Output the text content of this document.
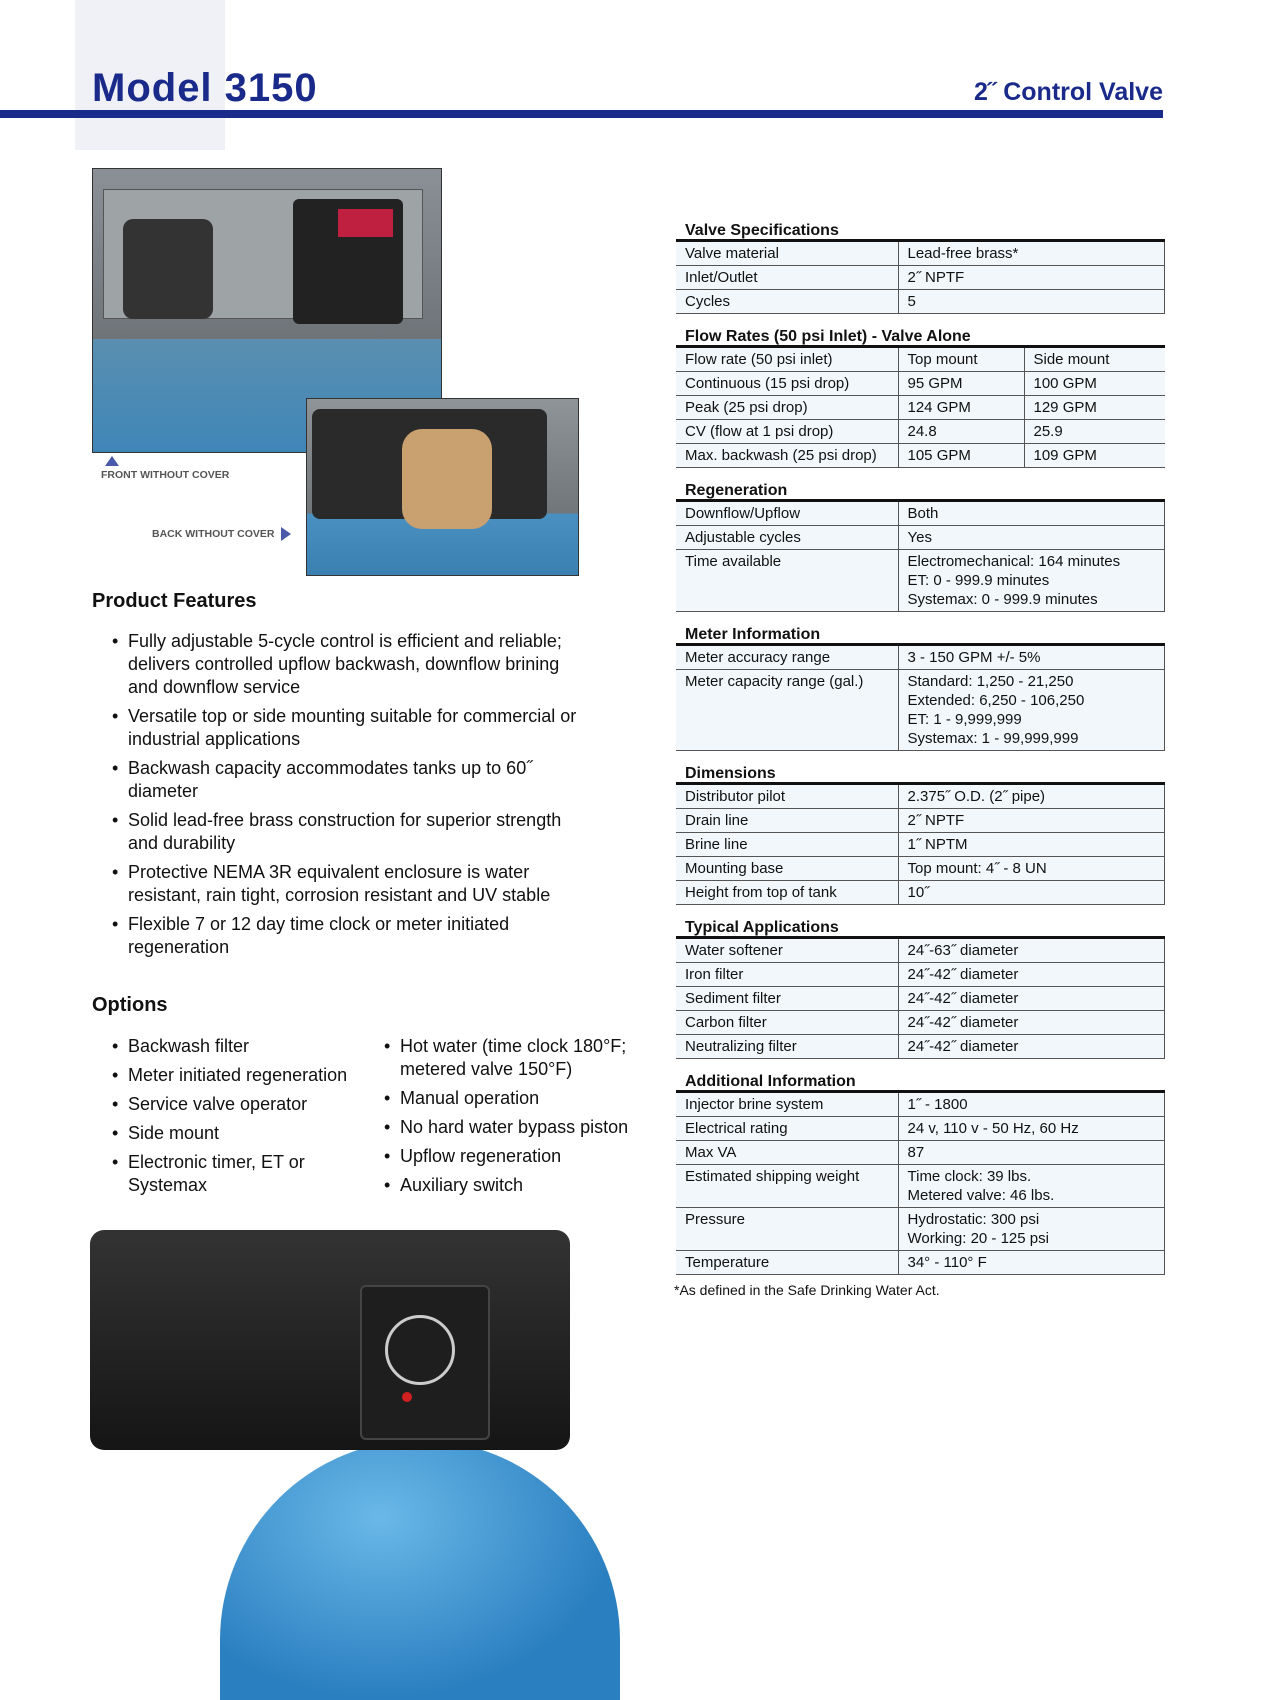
Model 3150	2˝ Control Valve
FRONT WITHOUT COVER
BACK WITHOUT COVER
Product Features
• Fully adjustable 5-cycle control is efficient and reliable; delivers controlled upflow backwash, downflow brining and downflow service
• Versatile top or side mounting suitable for commercial or industrial applications
• Backwash capacity accommodates tanks up to 60˝ diameter
• Solid lead-free brass construction for superior strength and durability
• Protective NEMA 3R equivalent enclosure is water resistant, rain tight, corrosion resistant and UV stable
• Flexible 7 or 12 day time clock or meter initiated regeneration
Options
• Backwash filter
• Meter initiated regeneration
• Service valve operator
• Side mount
• Electronic timer, ET or Systemax
• Hot water (time clock 180°F; metered valve 150°F)
• Manual operation
• No hard water bypass piston
• Upflow regeneration
• Auxiliary switch
Valve Specifications
Valve material	Lead-free brass*
Inlet/Outlet	2˝ NPTF
Cycles	5
Flow Rates (50 psi Inlet) - Valve Alone
Flow rate (50 psi inlet)	Top mount	Side mount
Continuous (15 psi drop)	95 GPM	100 GPM
Peak (25 psi drop)	124 GPM	129 GPM
CV (flow at 1 psi drop)	24.8	25.9
Max. backwash (25 psi drop)	105 GPM	109 GPM
Regeneration
Downflow/Upflow	Both
Adjustable cycles	Yes
Time available	Electromechanical: 164 minutes
ET: 0 - 999.9 minutes
Systemax: 0 - 999.9 minutes
Meter Information
Meter accuracy range	3 - 150 GPM +/- 5%
Meter capacity range (gal.)	Standard: 1,250 - 21,250
Extended: 6,250 - 106,250
ET: 1 - 9,999,999
Systemax: 1 - 99,999,999
Dimensions
Distributor pilot	2.375˝ O.D. (2˝ pipe)
Drain line	2˝ NPTF
Brine line	1˝ NPTM
Mounting base	Top mount: 4˝ - 8 UN
Height from top of tank	10˝
Typical Applications
Water softener	24˝-63˝ diameter
Iron filter	24˝-42˝ diameter
Sediment filter	24˝-42˝ diameter
Carbon filter	24˝-42˝ diameter
Neutralizing filter	24˝-42˝ diameter
Additional Information
Injector brine system	1˝ - 1800
Electrical rating	24 v, 110 v - 50 Hz, 60 Hz
Max VA	87
Estimated shipping weight	Time clock: 39 lbs.
Metered valve: 46 lbs.
Pressure	Hydrostatic: 300 psi
Working: 20 - 125 psi
Temperature	34° - 110° F
*As defined in the Safe Drinking Water Act.
